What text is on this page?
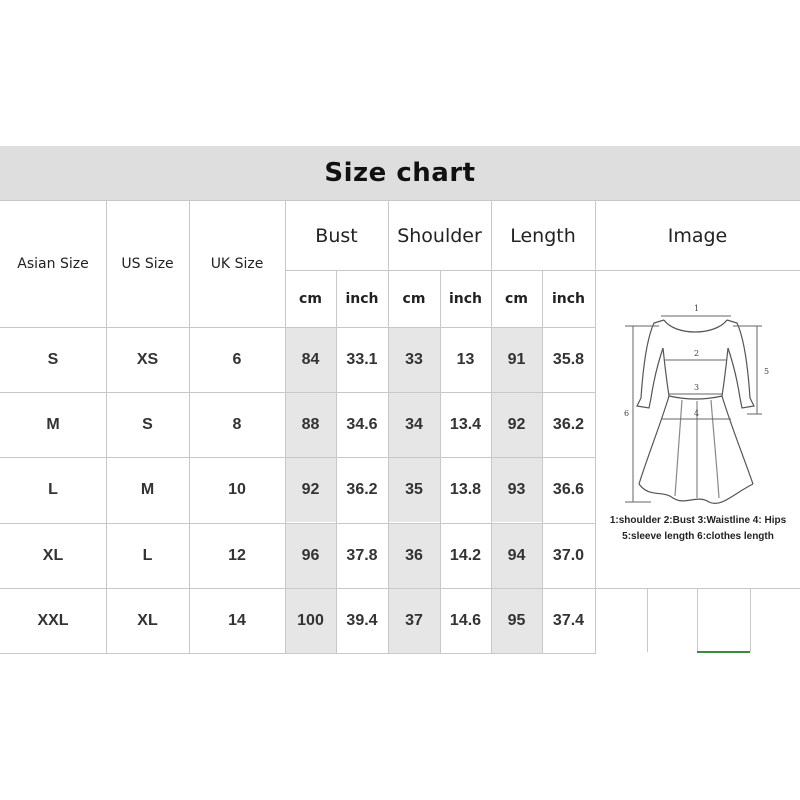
Size chart
Asian Size	US Size	UK Size
Bust	Shoulder	Length	Image
cm	inch	cm	inch	cm	inch
S	XS	6	84	33.1	33	13	91	35.8
M	S	8	88	34.6	34	13.4	92	36.2
L	M	10	92	36.2	35	13.8	93	36.6
XL	L	12	96	37.8	36	14.2	94	37.0
XXL	XL	14	100	39.4	37	14.6	95	37.4
1
2
3
4
5
6
1:shoulder 2:Bust 3:Waistline 4: Hips
5:sleeve length 6:clothes length
